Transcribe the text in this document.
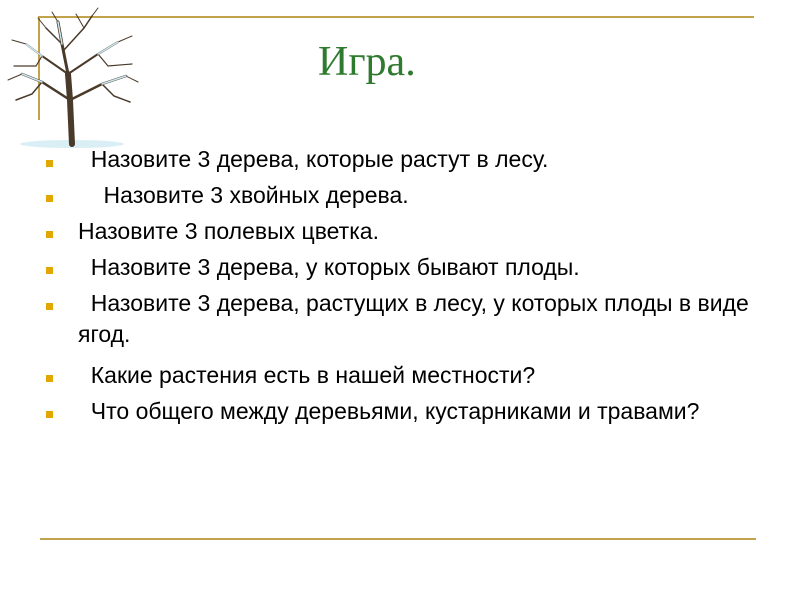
Игра.
Назовите 3 дерева, которые растут в лесу.
Назовите 3 хвойных дерева.
Назовите 3 полевых цветка.
Назовите 3 дерева, у которых бывают плоды.
Назовите 3 дерева, растущих в лесу, у которых плоды в виде ягод.
Какие растения есть в нашей местности?
Что общего между деревьями, кустарниками и травами?
